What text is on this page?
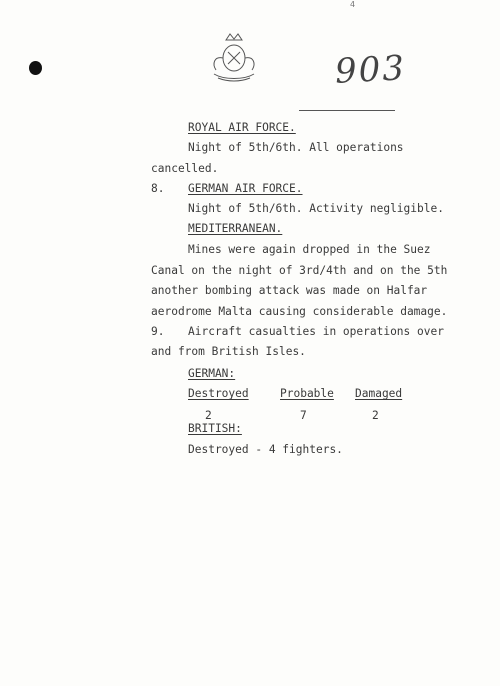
4
903
ROYAL AIR FORCE.
Night of 5th/6th. All operations
cancelled.
8. GERMAN AIR FORCE.
Night of 5th/6th. Activity negligible.
MEDITERRANEAN.
Mines were again dropped in the Suez
Canal on the night of 3rd/4th and on the 5th
another bombing attack was made on Halfar
aerodrome Malta causing considerable damage.
9. Aircraft casualties in operations over
and from British Isles.
GERMAN:
Destroyed	Probable Damaged
2	7	2
BRITISH:
Destroyed - 4 fighters.
